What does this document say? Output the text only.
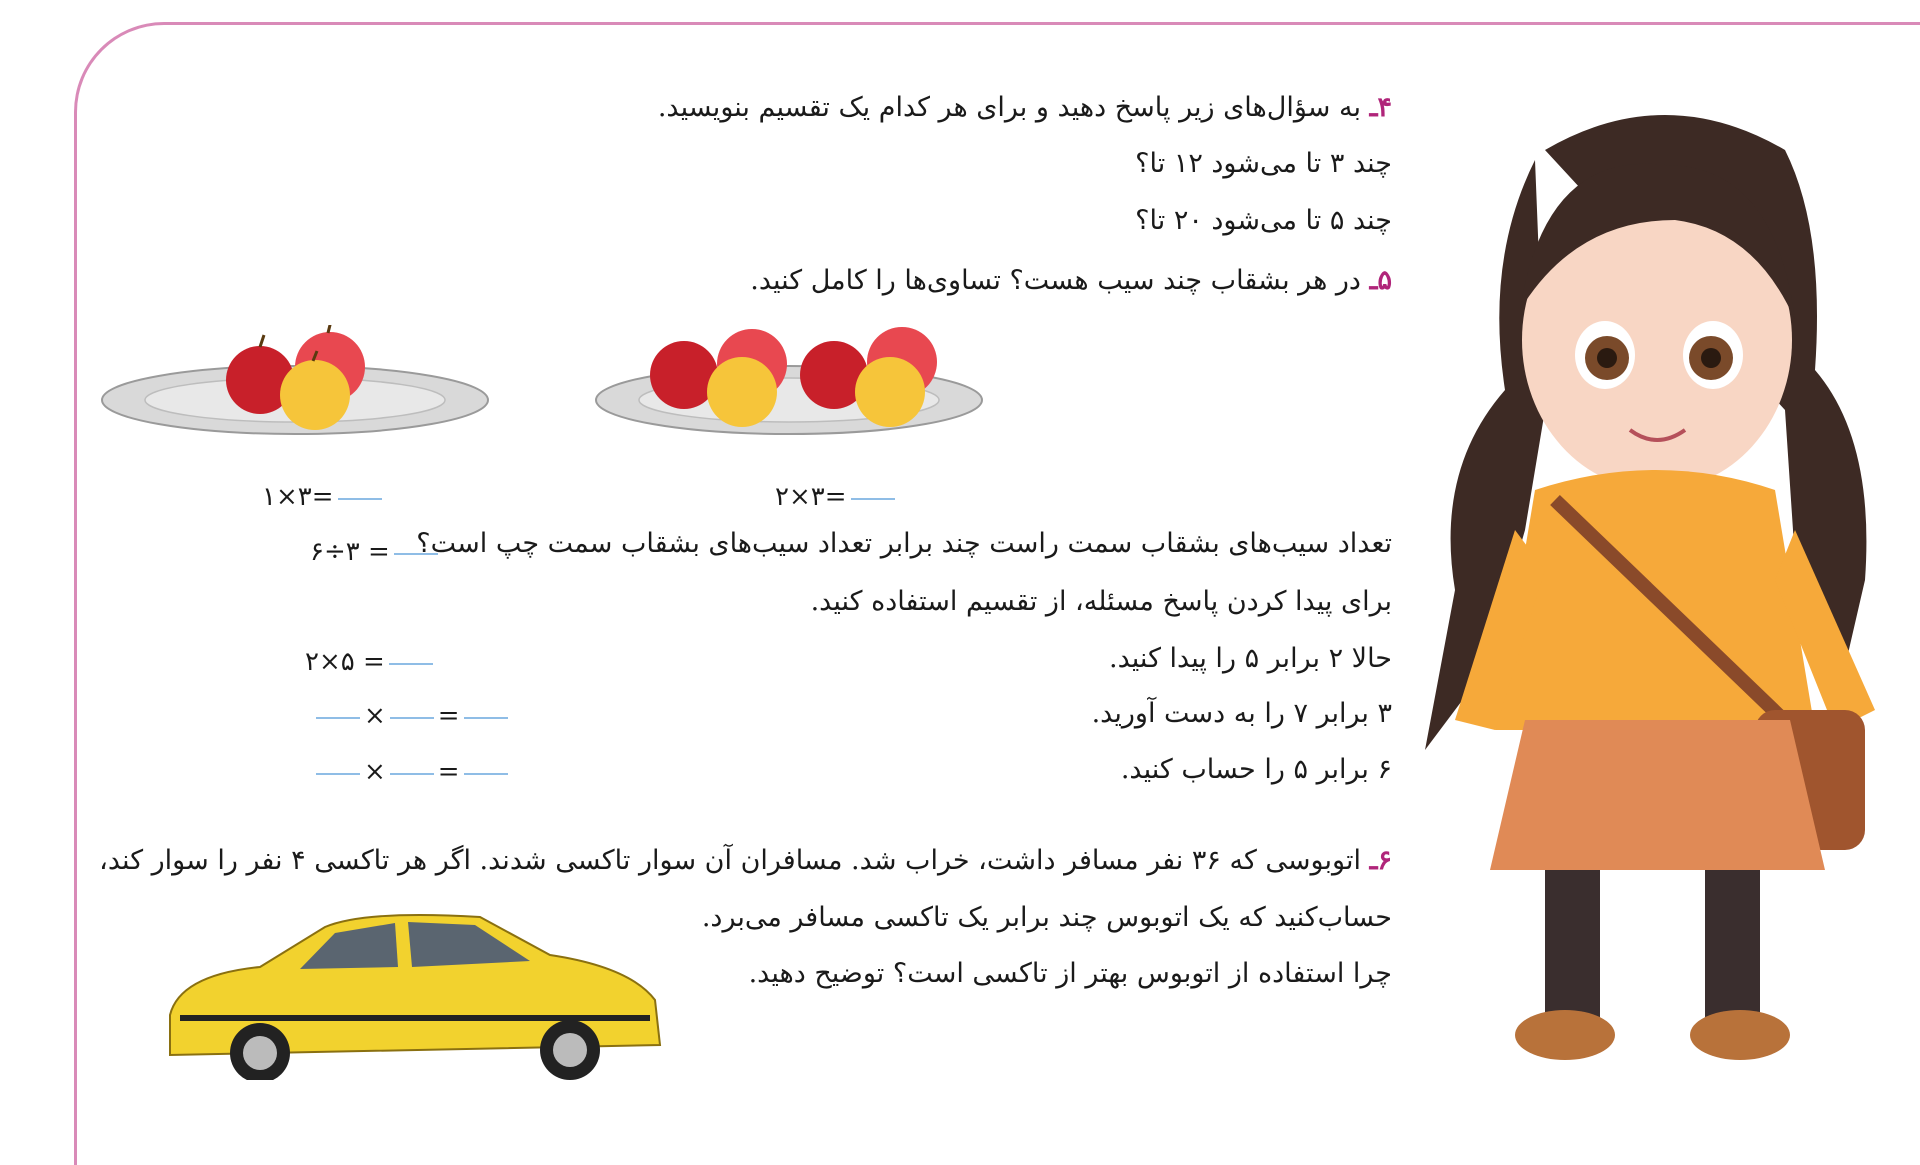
۴ـ به سؤال‌های زیر پاسخ دهید و برای هر کدام یک تقسیم بنویسید.
چند ۳ تا می‌شود ۱۲ تا؟
چند ۵ تا می‌شود ۲۰ تا؟
۵ـ در هر بشقاب چند سیب هست؟ تساوی‌ها را کامل کنید.
۱×۳=	۲×۳=
تعداد سیب‌های بشقاب سمت راست چند برابر تعداد سیب‌های بشقاب سمت چپ است؟
۶÷۳ =
برای پیدا کردن پاسخ مسئله، از تقسیم استفاده کنید.
حالا ۲ برابر ۵ را پیدا کنید.
۲×۵ =
۳ برابر ۷ را به دست آورید.
× =
۶ برابر ۵ را حساب کنید.
× =
۶ـ اتوبوسی که ۳۶ نفر مسافر داشت، خراب شد. مسافران آن سوار تاکسی شدند. اگر هر تاکسی ۴ نفر را سوار کند،
حساب‌کنید که یک اتوبوس چند برابر یک تاکسی مسافر می‌برد.
چرا استفاده از اتوبوس بهتر از تاکسی است؟ توضیح دهید.
